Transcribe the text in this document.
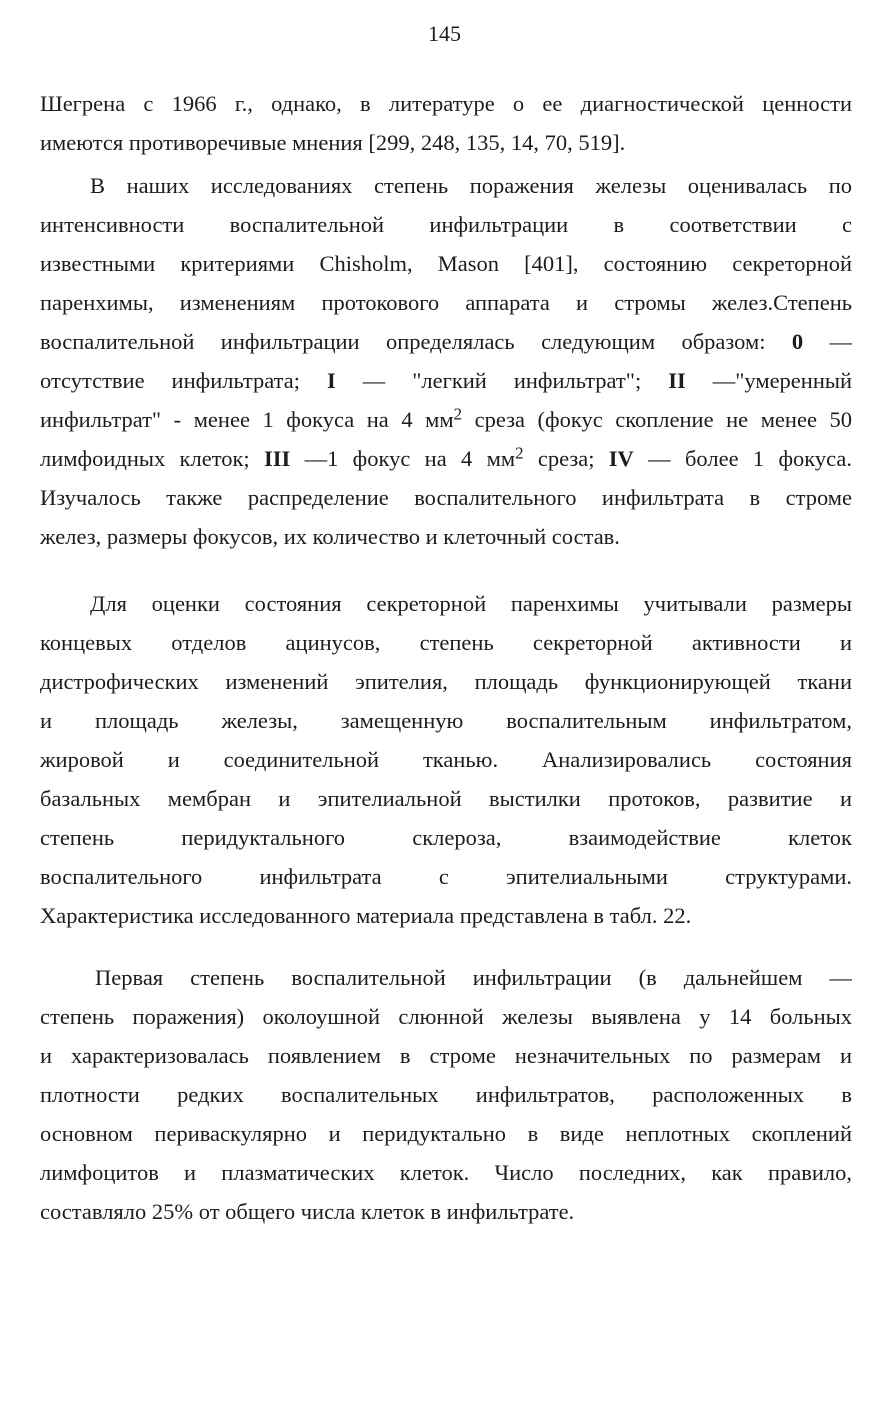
145
Шегрена с 1966 г., однако, в литературе о ее диагностической ценности
имеются противоречивые мнения [299, 248, 135, 14, 70, 519].
В наших исследованиях степень поражения железы оценивалась по
интенсивности воспалительной инфильтрации в соответствии с
известными критериями Chisholm, Mason [401], состоянию секреторной
паренхимы, изменениям протокового аппарата и стромы желез.Степень
воспалительной инфильтрации определялась следующим образом: 0 —
отсутствие инфильтрата; I — "легкий инфильтрат"; II —"умеренный
инфильтрат" - менее 1 фокуса на 4 $мм^2$ среза (фокус скопление не менее 50
лимфоидных клеток; III —1 фокус на 4 $мм^2$ среза; IV — более 1 фокуса.
Изучалось также распределение воспалительного инфильтрата в строме
желез, размеры фокусов, их количество и клеточный состав.
Для оценки состояния секреторной паренхимы учитывали размеры
концевых отделов ацинусов, степень секреторной активности и
дистрофических изменений эпителия, площадь функционирующей ткани
и площадь железы, замещенную воспалительным инфильтратом,
жировой и соединительной тканью. Анализировались состояния
базальных мембран и эпителиальной выстилки протоков, развитие и
степень перидуктального склероза, взаимодействие клеток
воспалительного инфильтрата с эпителиальными структурами.
Характеристика исследованного материала представлена в табл. 22.
Первая степень воспалительной инфильтрации (в дальнейшем —
степень поражения) околоушной слюнной железы выявлена у 14 больных
и характеризовалась появлением в строме незначительных по размерам и
плотности редких воспалительных инфильтратов, расположенных в
основном периваскулярно и перидуктально в виде неплотных скоплений
лимфоцитов и плазматических клеток. Число последних, как правило,
составляло 25% от общего числа клеток в инфильтрате.
